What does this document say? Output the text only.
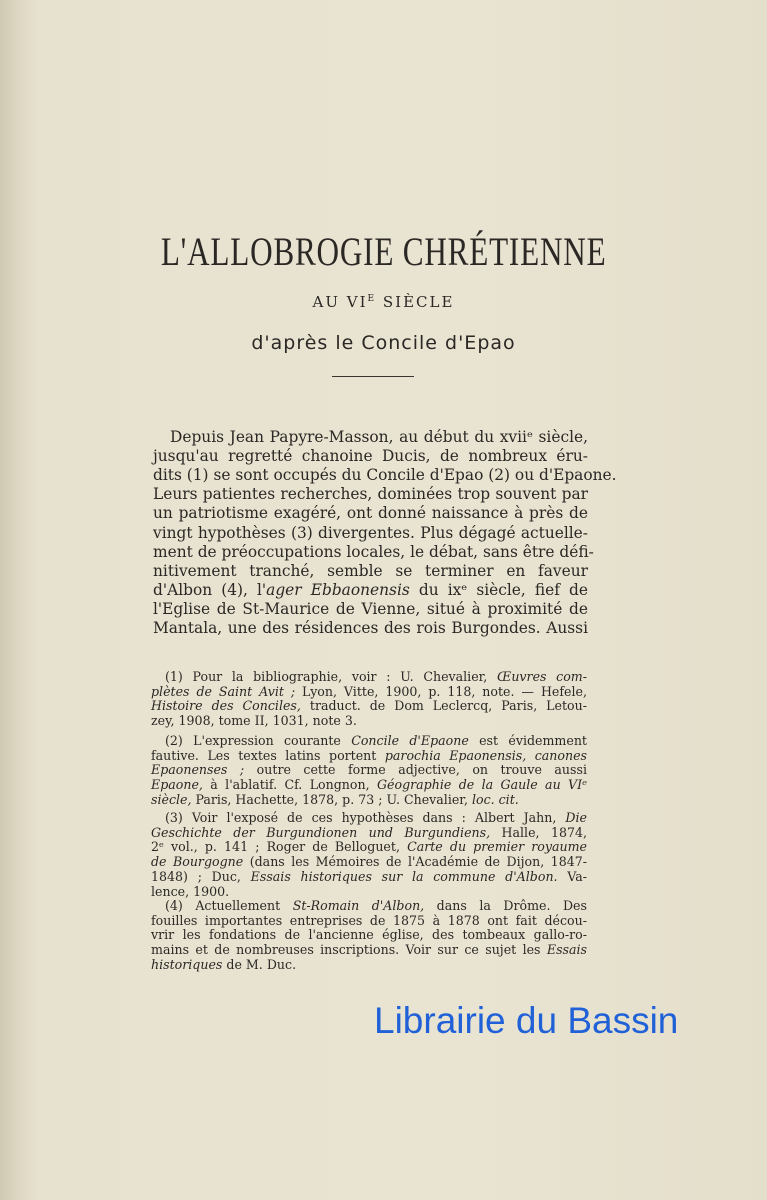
L'ALLOBROGIE CHRÉTIENNE
AU $VI^E$ SIÈCLE
d'après le Concile d'Epao
Depuis Jean Papyre-Masson, au début du xviiᵉ siècle,
jusqu'au regretté chanoine Ducis, de nombreux éru-
dits (1) se sont occupés du Concile d'Epao (2) ou d'Epaone.
Leurs patientes recherches, dominées trop souvent par
un patriotisme exagéré, ont donné naissance à près de
vingt hypothèses (3) divergentes. Plus dégagé actuelle-
ment de préoccupations locales, le débat, sans être défi-
nitivement tranché, semble se terminer en faveur
d'Albon (4), l'ager Ebbaonensis du ixᵉ siècle, fief de
l'Eglise de St-Maurice de Vienne, situé à proximité de
Mantala, une des résidences des rois Burgondes. Aussi
(1) Pour la bibliographie, voir : U. Chevalier, Œuvres com-
plètes de Saint Avit ; Lyon, Vitte, 1900, p. 118, note. — Hefele,
Histoire des Conciles, traduct. de Dom Leclercq, Paris, Letou-
zey, 1908, tome II, 1031, note 3.
(2) L'expression courante Concile d'Epaone est évidemment
fautive. Les textes latins portent parochia Epaonensis, canones
Epaonenses ; outre cette forme adjective, on trouve aussi
Epaone, à l'ablatif. Cf. Longnon, Géographie de la Gaule au VIᵉ
siècle, Paris, Hachette, 1878, p. 73 ; U. Chevalier, loc. cit.
(3) Voir l'exposé de ces hypothèses dans : Albert Jahn, Die
Geschichte der Burgundionen und Burgundiens, Halle, 1874,
2ᵉ vol., p. 141 ; Roger de Belloguet, Carte du premier royaume
de Bourgogne (dans les Mémoires de l'Académie de Dijon, 1847-
1848) ; Duc, Essais historiques sur la commune d'Albon. Va-
lence, 1900.
(4) Actuellement St-Romain d'Albon, dans la Drôme. Des
fouilles importantes entreprises de 1875 à 1878 ont fait décou-
vrir les fondations de l'ancienne église, des tombeaux gallo-ro-
mains et de nombreuses inscriptions. Voir sur ce sujet les Essais
historiques de M. Duc.
Librairie du Bassin
